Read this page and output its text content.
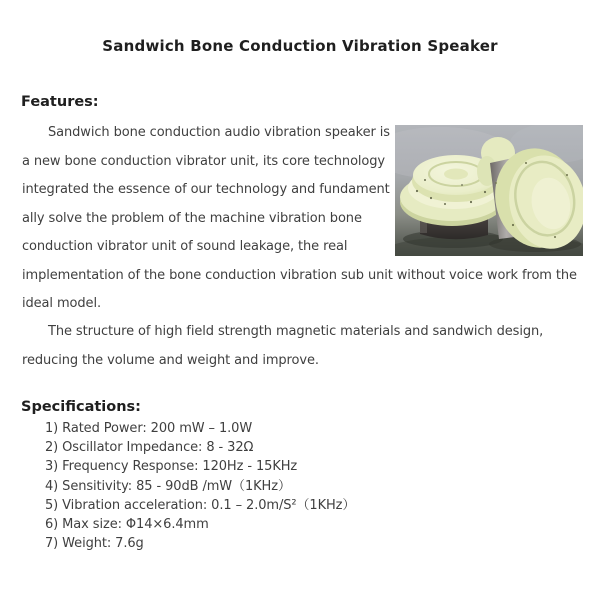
Sandwich Bone Conduction Vibration Speaker
Features:
Sandwich bone conduction audio vibration speaker is
a new bone conduction vibrator unit, its core technology
integrated the essence of our technology and fundament
ally solve the problem of the machine vibration bone
conduction vibrator unit of sound leakage, the real
implementation of the bone conduction vibration sub unit without voice work from the
ideal model.
The structure of high field strength magnetic materials and sandwich design,
reducing the volume and weight and improve.
Specifications:
1) Rated Power: 200 mW – 1.0W
2) Oscillator Impedance: 8 - 32Ω
3) Frequency Response: 120Hz - 15KHz
4) Sensitivity: 85 - 90dB /mW（1KHz）
5) Vibration acceleration: 0.1 – 2.0m/S²（1KHz）
6) Max size: Φ14×6.4mm
7) Weight: 7.6g
